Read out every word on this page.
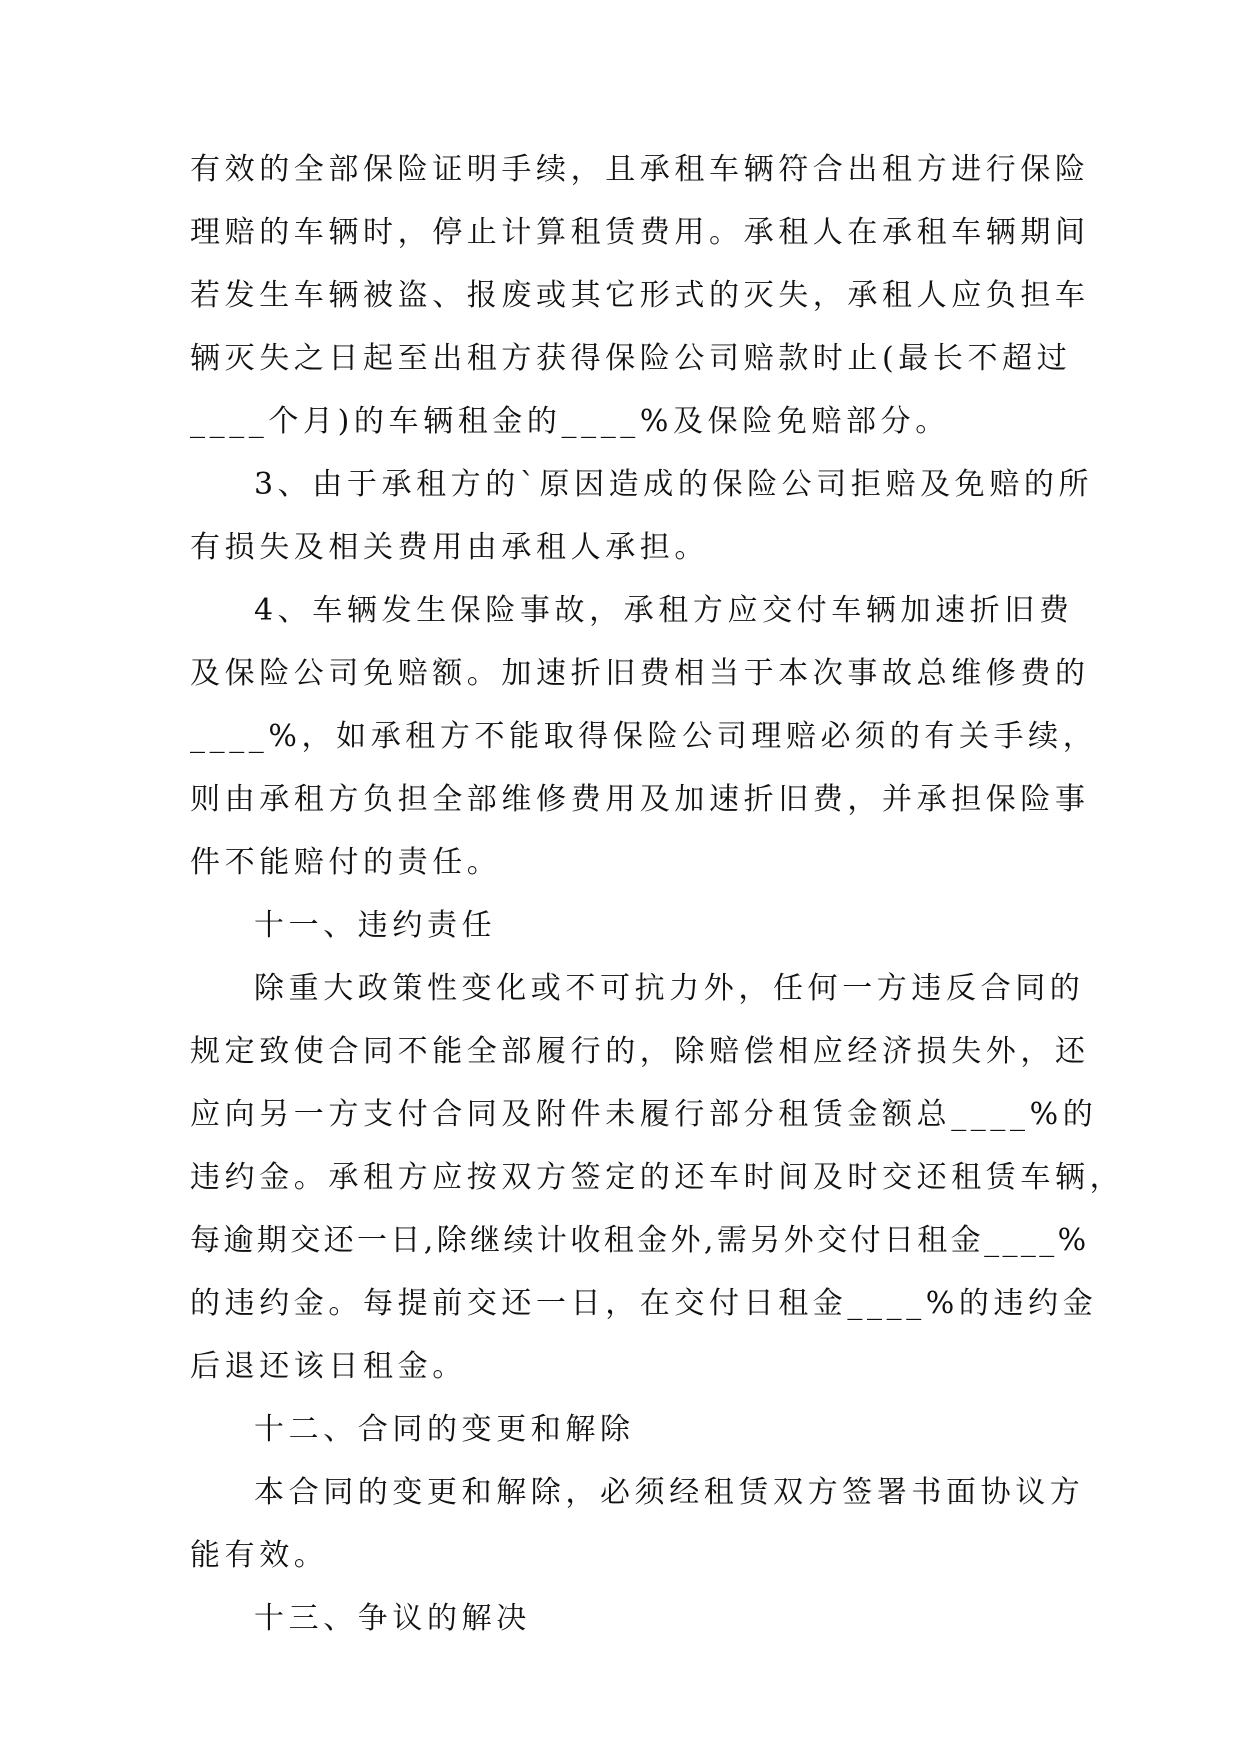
有效的全部保险证明手续，且承租车辆符合出租方进行保险
理赔的车辆时，停止计算租赁费用。承租人在承租车辆期间
若发生车辆被盗、报废或其它形式的灭失，承租人应负担车
辆灭失之日起至出租方获得保险公司赔款时止(最长不超过
____个月)的车辆租金的____%及保险免赔部分。
3、由于承租方的`原因造成的保险公司拒赔及免赔的所
有损失及相关费用由承租人承担。
4、车辆发生保险事故，承租方应交付车辆加速折旧费
及保险公司免赔额。加速折旧费相当于本次事故总维修费的
____%，如承租方不能取得保险公司理赔必须的有关手续，
则由承租方负担全部维修费用及加速折旧费，并承担保险事
件不能赔付的责任。
十一、违约责任
除重大政策性变化或不可抗力外，任何一方违反合同的
规定致使合同不能全部履行的，除赔偿相应经济损失外，还
应向另一方支付合同及附件未履行部分租赁金额总____%的
违约金。承租方应按双方签定的还车时间及时交还租赁车辆，
每逾期交还一日,除继续计收租金外,需另外交付日租金____%
的违约金。每提前交还一日，在交付日租金____%的违约金
后退还该日租金。
十二、合同的变更和解除
本合同的变更和解除，必须经租赁双方签署书面协议方
能有效。
十三、争议的解决
